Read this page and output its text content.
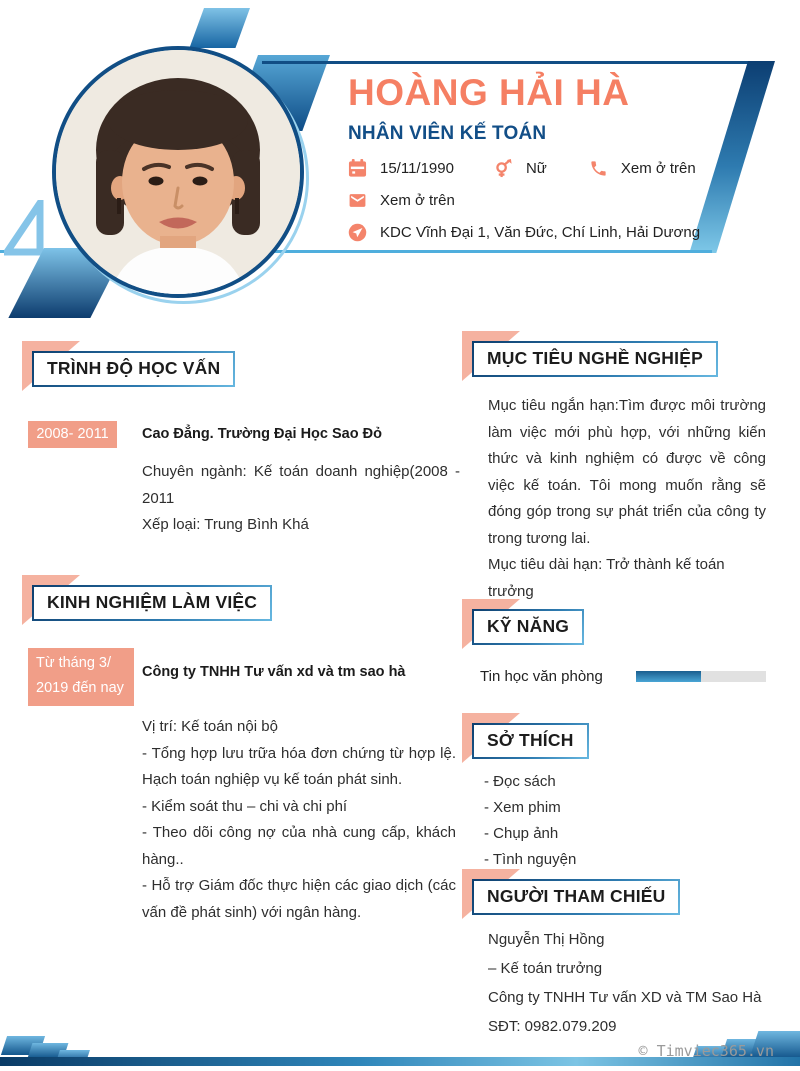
HOÀNG HẢI HÀ
NHÂN VIÊN KẾ TOÁN
15/11/1990	Nữ	Xem ở trên
Xem ở trên
KDC Vĩnh Đại 1, Văn Đức, Chí Linh, Hải Dương
TRÌNH ĐỘ HỌC VẤN
2008- 2011	Cao Đẳng. Trường Đại Học Sao Đỏ

Chuyên ngành: Kế toán doanh nghiệp(2008 - 2011

Xếp loại: Trung Bình Khá

KINH NGHIỆM LÀM VIỆC
Từ tháng 3/ 2019 đến nay
Công ty TNHH Tư vấn xd và tm sao hà

Vị trí: Kế toán nội bộ

- Tổng hợp lưu trữa hóa đơn chứng từ hợp lệ. Hạch toán nghiệp vụ kế toán phát sinh.

- Kiểm soát thu – chi và chi phí

- Theo dõi công nợ của nhà cung cấp, khách hàng..

- Hỗ trợ Giám đốc thực hiện các giao dịch (các vấn đề phát sinh) với ngân hàng.

MỤC TIÊU NGHỀ NGHIỆP

Mục tiêu ngắn hạn:Tìm được môi trường làm việc mới phù hợp, với những kiến thức và kinh nghiệm có được về công việc kế toán. Tôi mong muốn rằng sẽ đóng góp trong sự phát triển của công ty trong tương lai.

Mục tiêu dài hạn: Trở thành kế toán trưởng

KỸ NĂNG
Tin học văn phòng
SỞ THÍCH

- Đọc sách

- Xem phim

- Chụp ảnh

- Tình nguyện

NGƯỜI THAM CHIẾU

Nguyễn Thị Hồng

– Kế toán trưởng

Công ty TNHH Tư vấn XD và TM Sao Hà

SĐT: 0982.079.209

© Timviec365.vn
